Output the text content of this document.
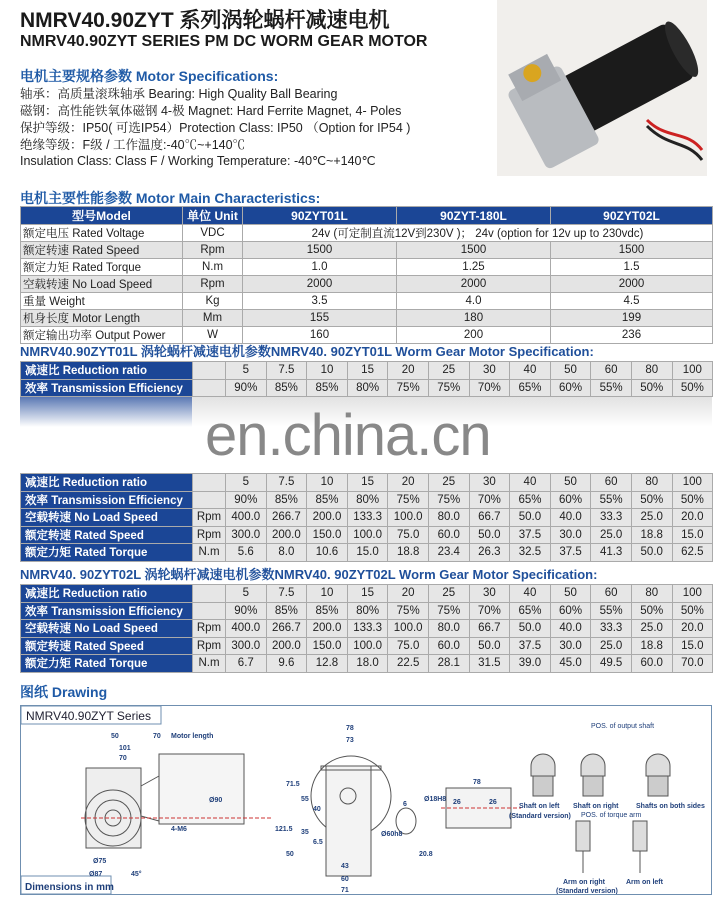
NMRV40.90ZYT 系列涡轮蜗杆减速电机
NMRV40.90ZYT SERIES PM DC WORM GEAR MOTOR
电机主要规格参数 Motor Specifications:
轴承：高质量滚珠轴承 Bearing: High Quality Ball Bearing
磁钢：高性能铁氧体磁钢 4-极 Magnet: Hard Ferrite Magnet, 4- Poles
保护等级：IP50( 可选IP54）Protection Class: IP50 （Option for IP54 )
绝缘等级：F级 / 工作温度:-40℃~+140℃
Insulation Class: Class F / Working Temperature: -40℃~+140℃
电机主要性能参数 Motor Main Characteristics:
型号Model	单位 Unit	90ZYT01L	90ZYT-180L	90ZYT02L
额定电压 Rated Voltage	VDC	24v (可定制直流12V到230V )； 24v (option for 12v up to 230vdc)		
额定转速 Rated Speed	Rpm	1500	1500	1500
额定力矩 Rated Torque	N.m	1.0	1.25	1.5
空载转速 No Load Speed	Rpm	2000	2000	2000
重量 Weight	Kg	3.5	4.0	4.5
机身长度 Motor Length	Mm	155	180	199
额定输出功率 Output Power	W	160	200	236
NMRV40.90ZYT01L 涡轮蜗杆减速电机参数NMRV40. 90ZYT01L Worm Gear Motor Specification:
减速比 Reduction ratio		5	7.5	10	15	20	25	30	40	50	60	80	100
效率 Transmission Efficiency		90%	85%	85%	80%	75%	75%	70%	65%	60%	55%	50%	50%
en.china.cn
减速比 Reduction ratio		5	7.5	10	15	20	25	30	40	50	60	80	100
效率 Transmission Efficiency		90%	85%	85%	80%	75%	75%	70%	65%	60%	55%	50%	50%
空载转速 No Load Speed	Rpm	400.0	266.7	200.0	133.3	100.0	80.0	66.7	50.0	40.0	33.3	25.0	20.0
额定转速 Rated Speed	Rpm	300.0	200.0	150.0	100.0	75.0	60.0	50.0	37.5	30.0	25.0	18.8	15.0
额定力矩 Rated Torque	N.m	5.6	8.0	10.6	15.0	18.8	23.4	26.3	32.5	37.5	41.3	50.0	62.5
NMRV40. 90ZYT02L 涡轮蜗杆减速电机参数NMRV40. 90ZYT02L Worm Gear Motor Specification:
减速比 Reduction ratio		5	7.5	10	15	20	25	30	40	50	60	80	100
效率 Transmission Efficiency		90%	85%	85%	80%	75%	75%	70%	65%	60%	55%	50%	50%
空载转速 No Load Speed	Rpm	400.0	266.7	200.0	133.3	100.0	80.0	66.7	50.0	40.0	33.3	25.0	20.0
额定转速 Rated Speed	Rpm	300.0	200.0	150.0	100.0	75.0	60.0	50.0	37.5	30.0	25.0	18.8	15.0
额定力矩 Rated Torque	N.m	6.7	9.6	12.8	18.0	22.5	28.1	31.5	39.0	45.0	49.5	60.0	70.0
图纸 Drawing
NMRV40.90ZYT Series
Dimensions in mm
50	70 Motor length
101
70
Ø90
4-M6
Ø75
Ø87	45°
78
73
71.5
55
40
121.5 35
6.5
50
43
60
71
Ø60h8
6
Ø18H8
20.8
78
26	26
POS. of output shaft
Shaft on left
(Standard version)
Shaft on right	Shafts on both sides
POS. of torque arm
Arm on right
(Standard version)
Arm on left
